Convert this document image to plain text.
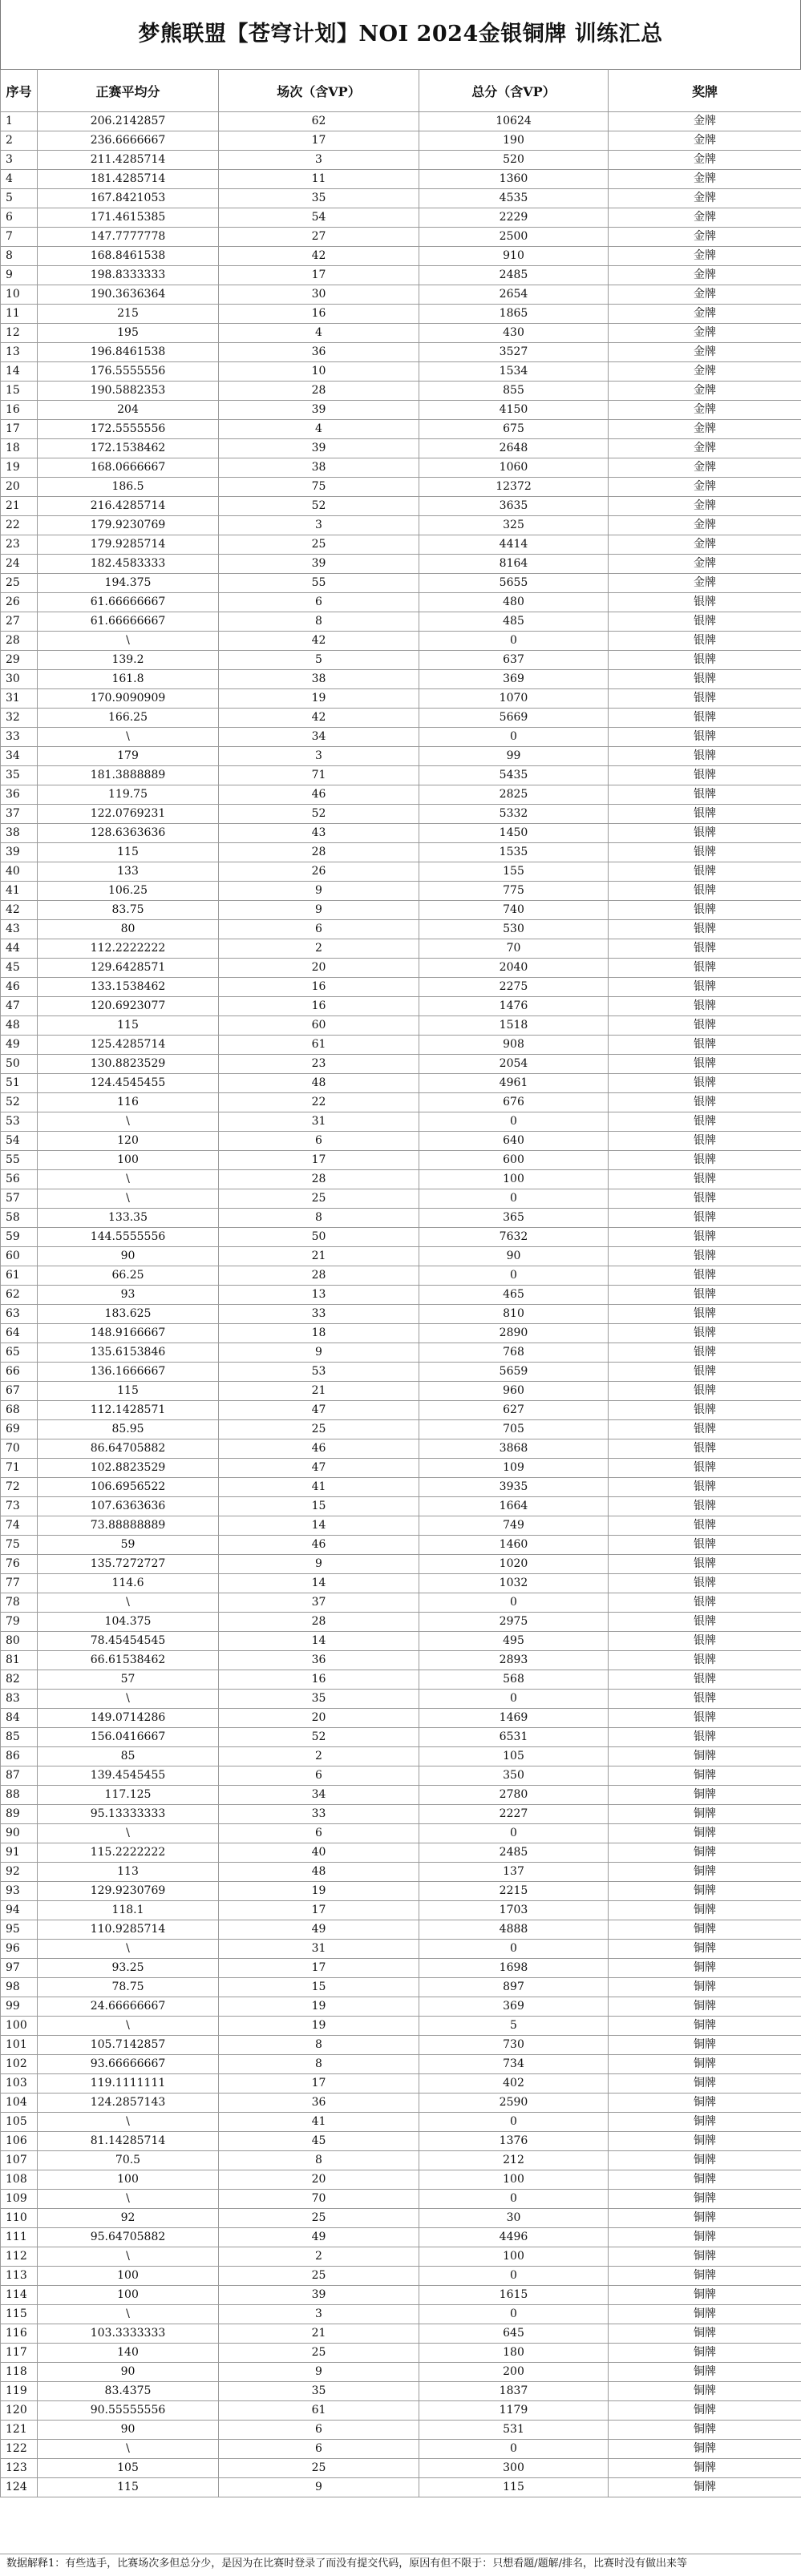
梦熊联盟【苍穹计划】NOI 2024金银铜牌 训练汇总
序号	正赛平均分	场次（含VP）	总分（含VP）	奖牌
1	206.2142857	62	10624	金牌
2	236.6666667	17	190	金牌
3	211.4285714	3	520	金牌
4	181.4285714	11	1360	金牌
5	167.8421053	35	4535	金牌
6	171.4615385	54	2229	金牌
7	147.7777778	27	2500	金牌
8	168.8461538	42	910	金牌
9	198.8333333	17	2485	金牌
10	190.3636364	30	2654	金牌
11	215	16	1865	金牌
12	195	4	430	金牌
13	196.8461538	36	3527	金牌
14	176.5555556	10	1534	金牌
15	190.5882353	28	855	金牌
16	204	39	4150	金牌
17	172.5555556	4	675	金牌
18	172.1538462	39	2648	金牌
19	168.0666667	38	1060	金牌
20	186.5	75	12372	金牌
21	216.4285714	52	3635	金牌
22	179.9230769	3	325	金牌
23	179.9285714	25	4414	金牌
24	182.4583333	39	8164	金牌
25	194.375	55	5655	金牌
26	61.66666667	6	480	银牌
27	61.66666667	8	485	银牌
28	\	42	0	银牌
29	139.2	5	637	银牌
30	161.8	38	369	银牌
31	170.9090909	19	1070	银牌
32	166.25	42	5669	银牌
33	\	34	0	银牌
34	179	3	99	银牌
35	181.3888889	71	5435	银牌
36	119.75	46	2825	银牌
37	122.0769231	52	5332	银牌
38	128.6363636	43	1450	银牌
39	115	28	1535	银牌
40	133	26	155	银牌
41	106.25	9	775	银牌
42	83.75	9	740	银牌
43	80	6	530	银牌
44	112.2222222	2	70	银牌
45	129.6428571	20	2040	银牌
46	133.1538462	16	2275	银牌
47	120.6923077	16	1476	银牌
48	115	60	1518	银牌
49	125.4285714	61	908	银牌
50	130.8823529	23	2054	银牌
51	124.4545455	48	4961	银牌
52	116	22	676	银牌
53	\	31	0	银牌
54	120	6	640	银牌
55	100	17	600	银牌
56	\	28	100	银牌
57	\	25	0	银牌
58	133.35	8	365	银牌
59	144.5555556	50	7632	银牌
60	90	21	90	银牌
61	66.25	28	0	银牌
62	93	13	465	银牌
63	183.625	33	810	银牌
64	148.9166667	18	2890	银牌
65	135.6153846	9	768	银牌
66	136.1666667	53	5659	银牌
67	115	21	960	银牌
68	112.1428571	47	627	银牌
69	85.95	25	705	银牌
70	86.64705882	46	3868	银牌
71	102.8823529	47	109	银牌
72	106.6956522	41	3935	银牌
73	107.6363636	15	1664	银牌
74	73.88888889	14	749	银牌
75	59	46	1460	银牌
76	135.7272727	9	1020	银牌
77	114.6	14	1032	银牌
78	\	37	0	银牌
79	104.375	28	2975	银牌
80	78.45454545	14	495	银牌
81	66.61538462	36	2893	银牌
82	57	16	568	银牌
83	\	35	0	银牌
84	149.0714286	20	1469	银牌
85	156.0416667	52	6531	银牌
86	85	2	105	铜牌
87	139.4545455	6	350	铜牌
88	117.125	34	2780	铜牌
89	95.13333333	33	2227	铜牌
90	\	6	0	铜牌
91	115.2222222	40	2485	铜牌
92	113	48	137	铜牌
93	129.9230769	19	2215	铜牌
94	118.1	17	1703	铜牌
95	110.9285714	49	4888	铜牌
96	\	31	0	铜牌
97	93.25	17	1698	铜牌
98	78.75	15	897	铜牌
99	24.66666667	19	369	铜牌
100	\	19	5	铜牌
101	105.7142857	8	730	铜牌
102	93.66666667	8	734	铜牌
103	119.1111111	17	402	铜牌
104	124.2857143	36	2590	铜牌
105	\	41	0	铜牌
106	81.14285714	45	1376	铜牌
107	70.5	8	212	铜牌
108	100	20	100	铜牌
109	\	70	0	铜牌
110	92	25	30	铜牌
111	95.64705882	49	4496	铜牌
112	\	2	100	铜牌
113	100	25	0	铜牌
114	100	39	1615	铜牌
115	\	3	0	铜牌
116	103.3333333	21	645	铜牌
117	140	25	180	铜牌
118	90	9	200	铜牌
119	83.4375	35	1837	铜牌
120	90.55555556	61	1179	铜牌
121	90	6	531	铜牌
122	\	6	0	铜牌
123	105	25	300	铜牌
124	115	9	115	铜牌
数据解释1：有些选手，比赛场次多但总分少，是因为在比赛时登录了而没有提交代码，原因有但不限于：只想看题/题解/排名，比赛时没有做出来等
